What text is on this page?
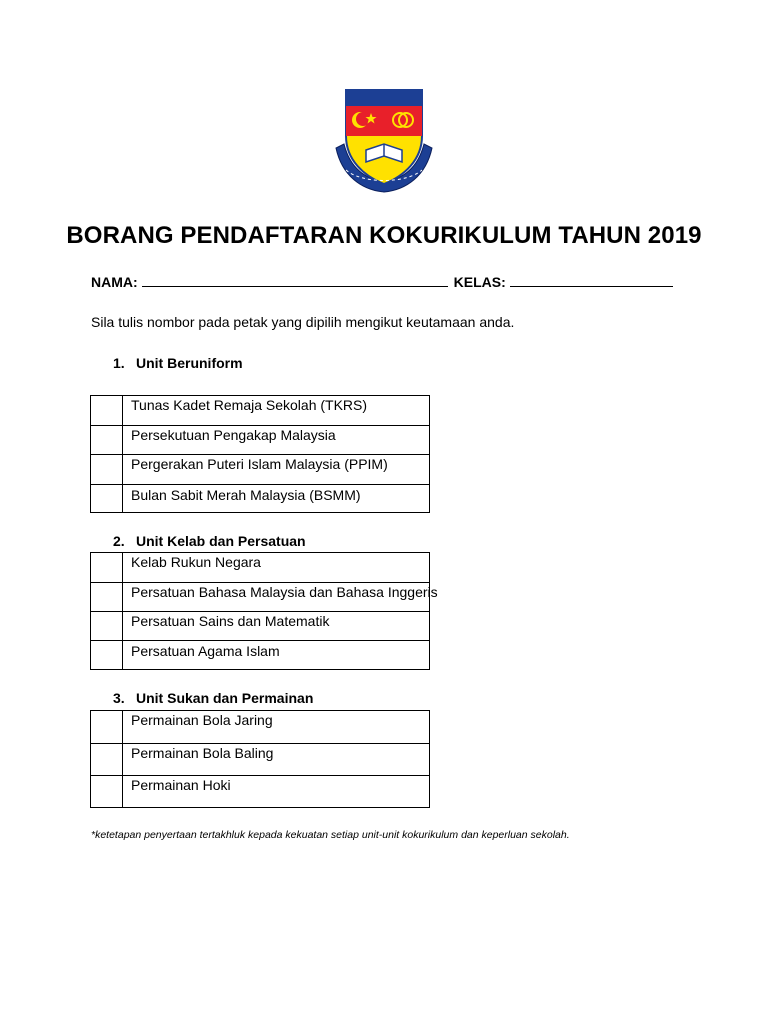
BORANG PENDAFTARAN KOKURIKULUM TAHUN 2019
NAMA:	KELAS:
Sila tulis nombor pada petak yang dipilih mengikut keutamaan anda.
1. Unit Beruniform
Tunas Kadet Remaja Sekolah (TKRS)
Persekutuan Pengakap Malaysia
Pergerakan Puteri Islam Malaysia (PPIM)
Bulan Sabit Merah Malaysia (BSMM)
2. Unit Kelab dan Persatuan
Kelab Rukun Negara
Persatuan Bahasa Malaysia dan Bahasa Inggeris
Persatuan Sains dan Matematik
Persatuan Agama Islam
3. Unit Sukan dan Permainan
Permainan Bola Jaring
Permainan Bola Baling
Permainan Hoki
*ketetapan penyertaan tertakhluk kepada kekuatan setiap unit-unit kokurikulum dan keperluan sekolah.
